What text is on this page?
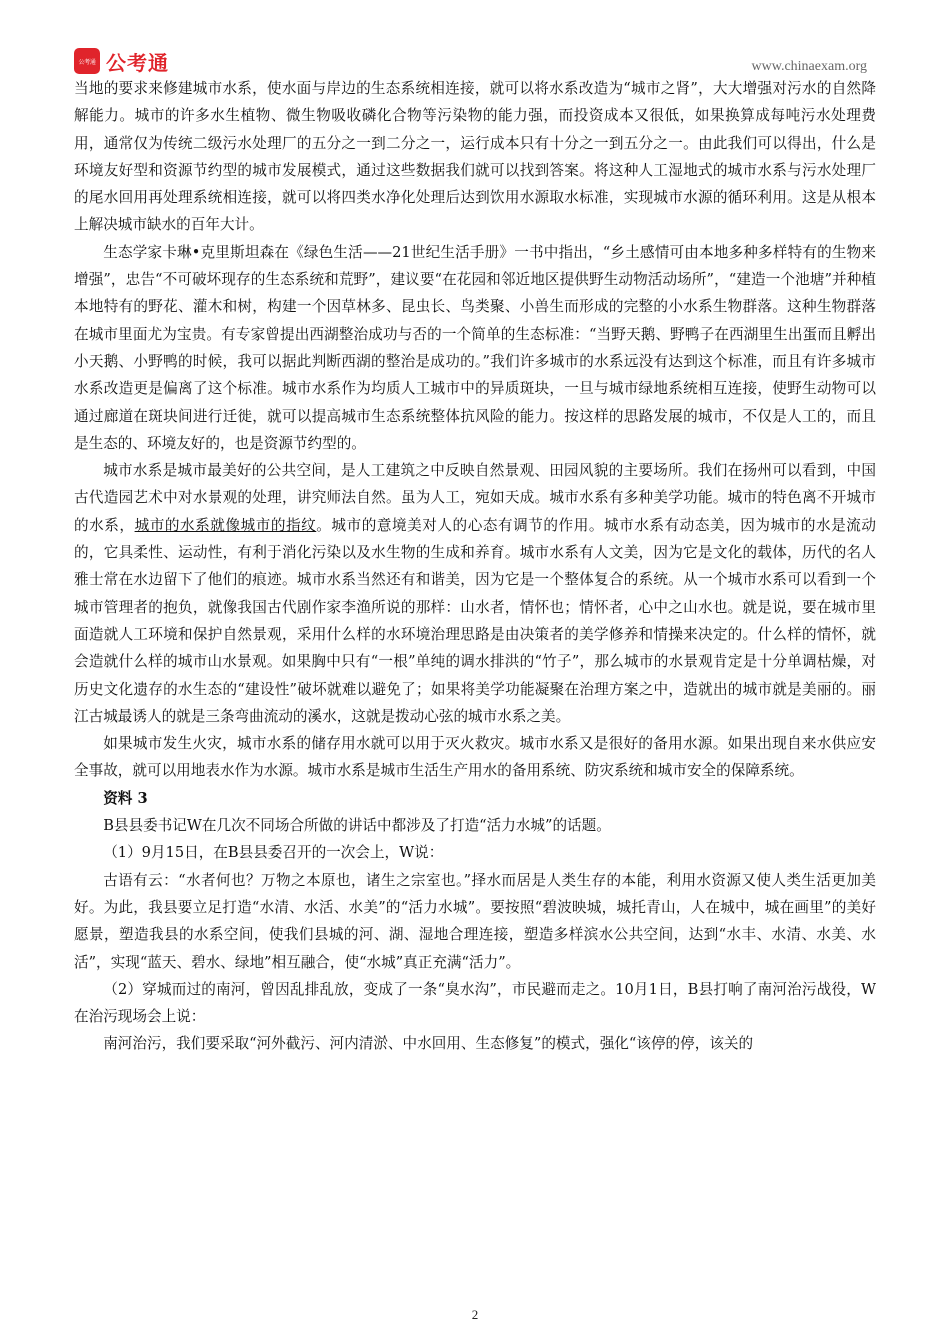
公考通 公考通	www.chinaexam.org

当地的要求来修建城市水系，使水面与岸边的生态系统相连接，就可以将水系改造为“城市之肾”，大大增强对污水的自然降解能力。城市的许多水生植物、微生物吸收磷化合物等污染物的能力强，而投资成本又很低，如果换算成每吨污水处理费用，通常仅为传统二级污水处理厂的五分之一到二分之一，运行成本只有十分之一到五分之一。由此我们可以得出，什么是环境友好型和资源节约型的城市发展模式，通过这些数据我们就可以找到答案。将这种人工湿地式的城市水系与污水处理厂的尾水回用再处理系统相连接，就可以将四类水净化处理后达到饮用水源取水标准，实现城市水源的循环利用。这是从根本上解决城市缺水的百年大计。

生态学家卡琳•克里斯坦森在《绿色生活——21世纪生活手册》一书中指出，“乡土感情可由本地多种多样特有的生物来增强”，忠告“不可破坏现存的生态系统和荒野”，建议要“在花园和邻近地区提供野生动物活动场所”，“建造一个池塘”并种植本地特有的野花、灌木和树，构建一个因草林多、昆虫长、鸟类聚、小兽生而形成的完整的小水系生物群落。这种生物群落在城市里面尤为宝贵。有专家曾提出西湖整治成功与否的一个简单的生态标准：“当野天鹅、野鸭子在西湖里生出蛋而且孵出小天鹅、小野鸭的时候，我可以据此判断西湖的整治是成功的。”我们许多城市的水系远没有达到这个标准，而且有许多城市水系改造更是偏离了这个标准。城市水系作为均质人工城市中的异质斑块，一旦与城市绿地系统相互连接，使野生动物可以通过廊道在斑块间进行迁徙，就可以提高城市生态系统整体抗风险的能力。按这样的思路发展的城市，不仅是人工的，而且是生态的、环境友好的，也是资源节约型的。

城市水系是城市最美好的公共空间，是人工建筑之中反映自然景观、田园风貌的主要场所。我们在扬州可以看到，中国古代造园艺术中对水景观的处理，讲究师法自然。虽为人工，宛如天成。城市水系有多种美学功能。城市的特色离不开城市的水系，城市的水系就像城市的指纹。城市的意境美对人的心态有调节的作用。城市水系有动态美，因为城市的水是流动的，它具柔性、运动性，有利于消化污染以及水生物的生成和养育。城市水系有人文美，因为它是文化的载体，历代的名人雅士常在水边留下了他们的痕迹。城市水系当然还有和谐美，因为它是一个整体复合的系统。从一个城市水系可以看到一个城市管理者的抱负，就像我国古代剧作家李渔所说的那样：山水者，情怀也；情怀者，心中之山水也。就是说，要在城市里面造就人工环境和保护自然景观，采用什么样的水环境治理思路是由决策者的美学修养和情操来决定的。什么样的情怀，就会造就什么样的城市山水景观。如果胸中只有“一根”单纯的调水排洪的“竹子”，那么城市的水景观肯定是十分单调枯燥，对历史文化遗存的水生态的“建设性”破坏就难以避免了；如果将美学功能凝聚在治理方案之中，造就出的城市就是美丽的。丽江古城最诱人的就是三条弯曲流动的溪水，这就是拨动心弦的城市水系之美。

如果城市发生火灾，城市水系的储存用水就可以用于灭火救灾。城市水系又是很好的备用水源。如果出现自来水供应安全事故，就可以用地表水作为水源。城市水系是城市生活生产用水的备用系统、防灾系统和城市安全的保障系统。

资料 3

B县县委书记W在几次不同场合所做的讲话中都涉及了打造“活力水城”的话题。

（1）9月15日，在B县县委召开的一次会上，W说：

古语有云：“水者何也？万物之本原也，诸生之宗室也。”择水而居是人类生存的本能，利用水资源又使人类生活更加美好。为此，我县要立足打造“水清、水活、水美”的“活力水城”。要按照“碧波映城，城托青山，人在城中，城在画里”的美好愿景，塑造我县的水系空间，使我们县城的河、湖、湿地合理连接，塑造多样滨水公共空间，达到“水丰、水清、水美、水活”，实现“蓝天、碧水、绿地”相互融合，使“水城”真正充满“活力”。

（2）穿城而过的南河，曾因乱排乱放，变成了一条“臭水沟”，市民避而走之。10月1日，B县打响了南河治污战役，W在治污现场会上说：

南河治污，我们要采取“河外截污、河内清淤、中水回用、生态修复”的模式，强化“该停的停，该关的

2
